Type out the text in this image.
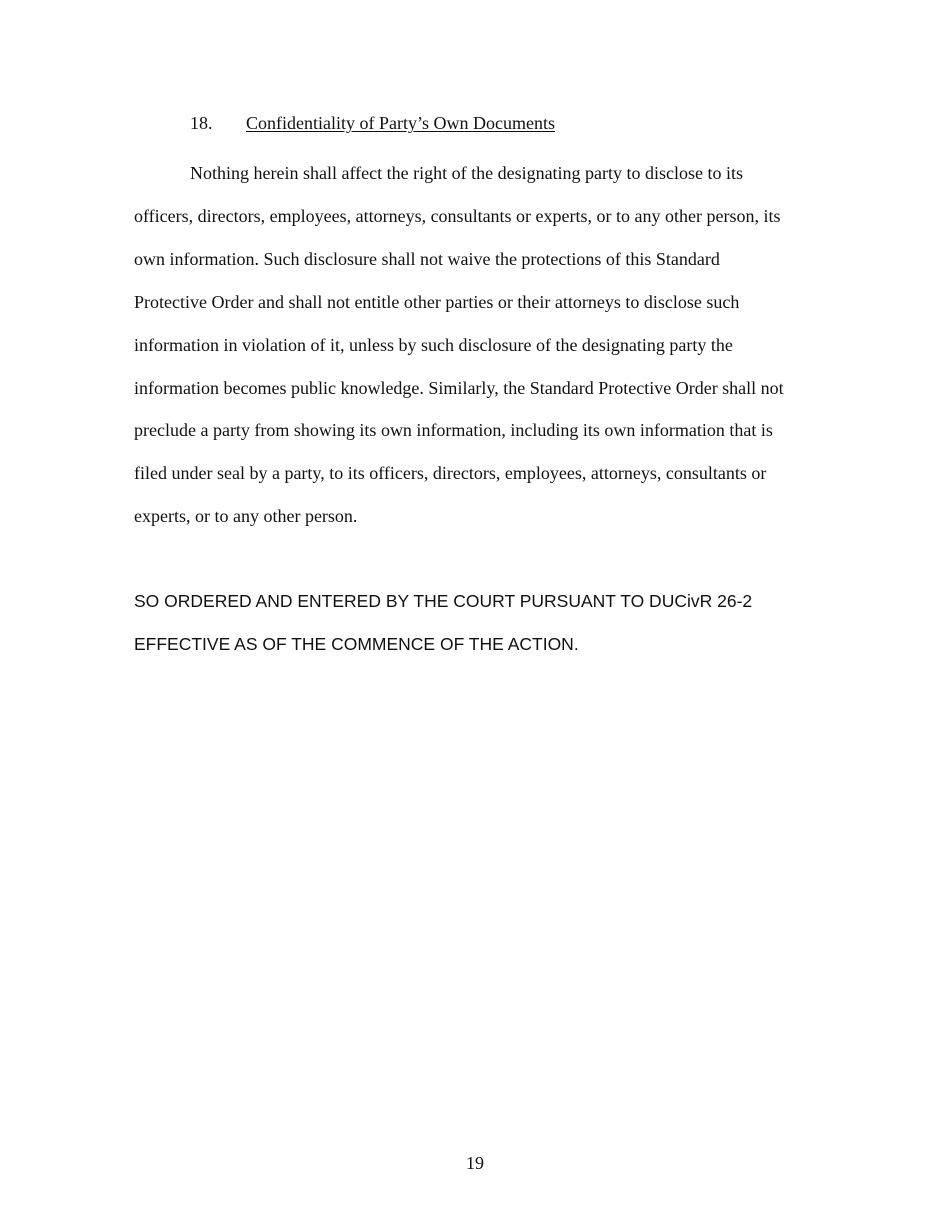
18. Confidentiality of Party’s Own Documents

Nothing herein shall affect the right of the designating party to disclose to its
officers, directors, employees, attorneys, consultants or experts, or to any other person, its
own information. Such disclosure shall not waive the protections of this Standard
Protective Order and shall not entitle other parties or their attorneys to disclose such
information in violation of it, unless by such disclosure of the designating party the
information becomes public knowledge. Similarly, the Standard Protective Order shall not
preclude a party from showing its own information, including its own information that is
filed under seal by a party, to its officers, directors, employees, attorneys, consultants or
experts, or to any other person.

SO ORDERED AND ENTERED BY THE COURT PURSUANT TO DUCivR 26-2
EFFECTIVE AS OF THE COMMENCE OF THE ACTION.

19
